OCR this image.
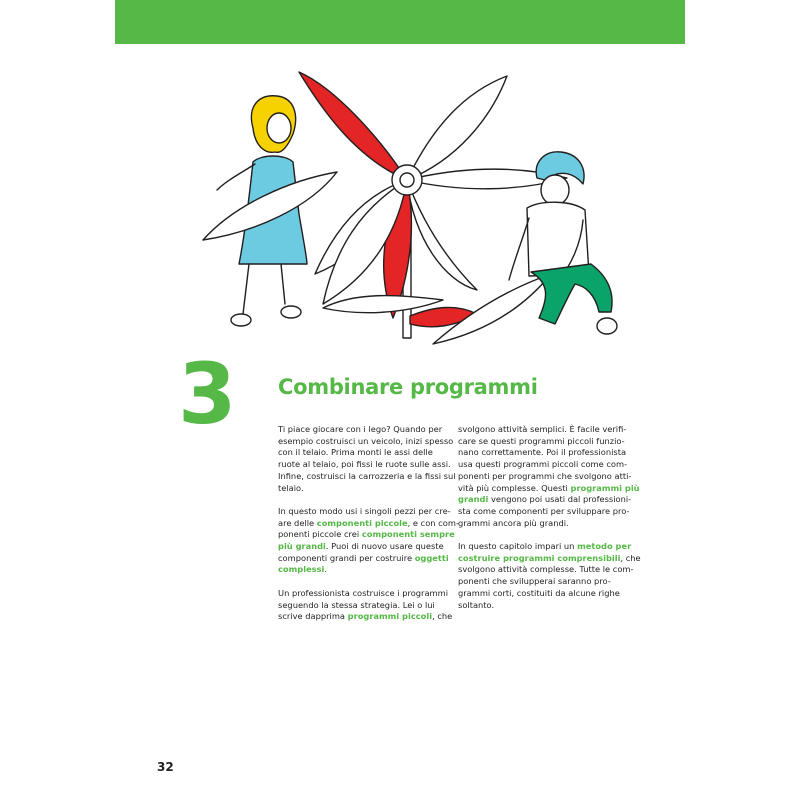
3 Combinare programmi

Ti piace giocare con i lego? Quando per
esempio costruisci un veicolo, inizi spesso
con il telaio. Prima monti le assi delle
ruote al telaio, poi fissi le ruote sulle assi.
Infine, costruisci la carrozzeria e la fissi sul
telaio.

In questo modo usi i singoli pezzi per cre-
are delle componenti piccole, e con com-
ponenti piccole crei componenti sempre
più grandi. Puoi di nuovo usare queste
componenti grandi per costruire oggetti
complessi.

Un professionista costruisce i programmi
seguendo la stessa strategia. Lei o lui
scrive dapprima programmi piccoli, che

svolgono attività semplici. È facile verifi-
care se questi programmi piccoli funzio-
nano correttamente. Poi il professionista
usa questi programmi piccoli come com-
ponenti per programmi che svolgono atti-
vità più complesse. Questi programmi più
grandi vengono poi usati dal professioni-
sta come componenti per sviluppare pro-
grammi ancora più grandi.

In questo capitolo impari un metodo per
costruire programmi comprensibili, che
svolgono attività complesse. Tutte le com-
ponenti che svilupperai saranno pro-
grammi corti, costituiti da alcune righe
soltanto.

32
